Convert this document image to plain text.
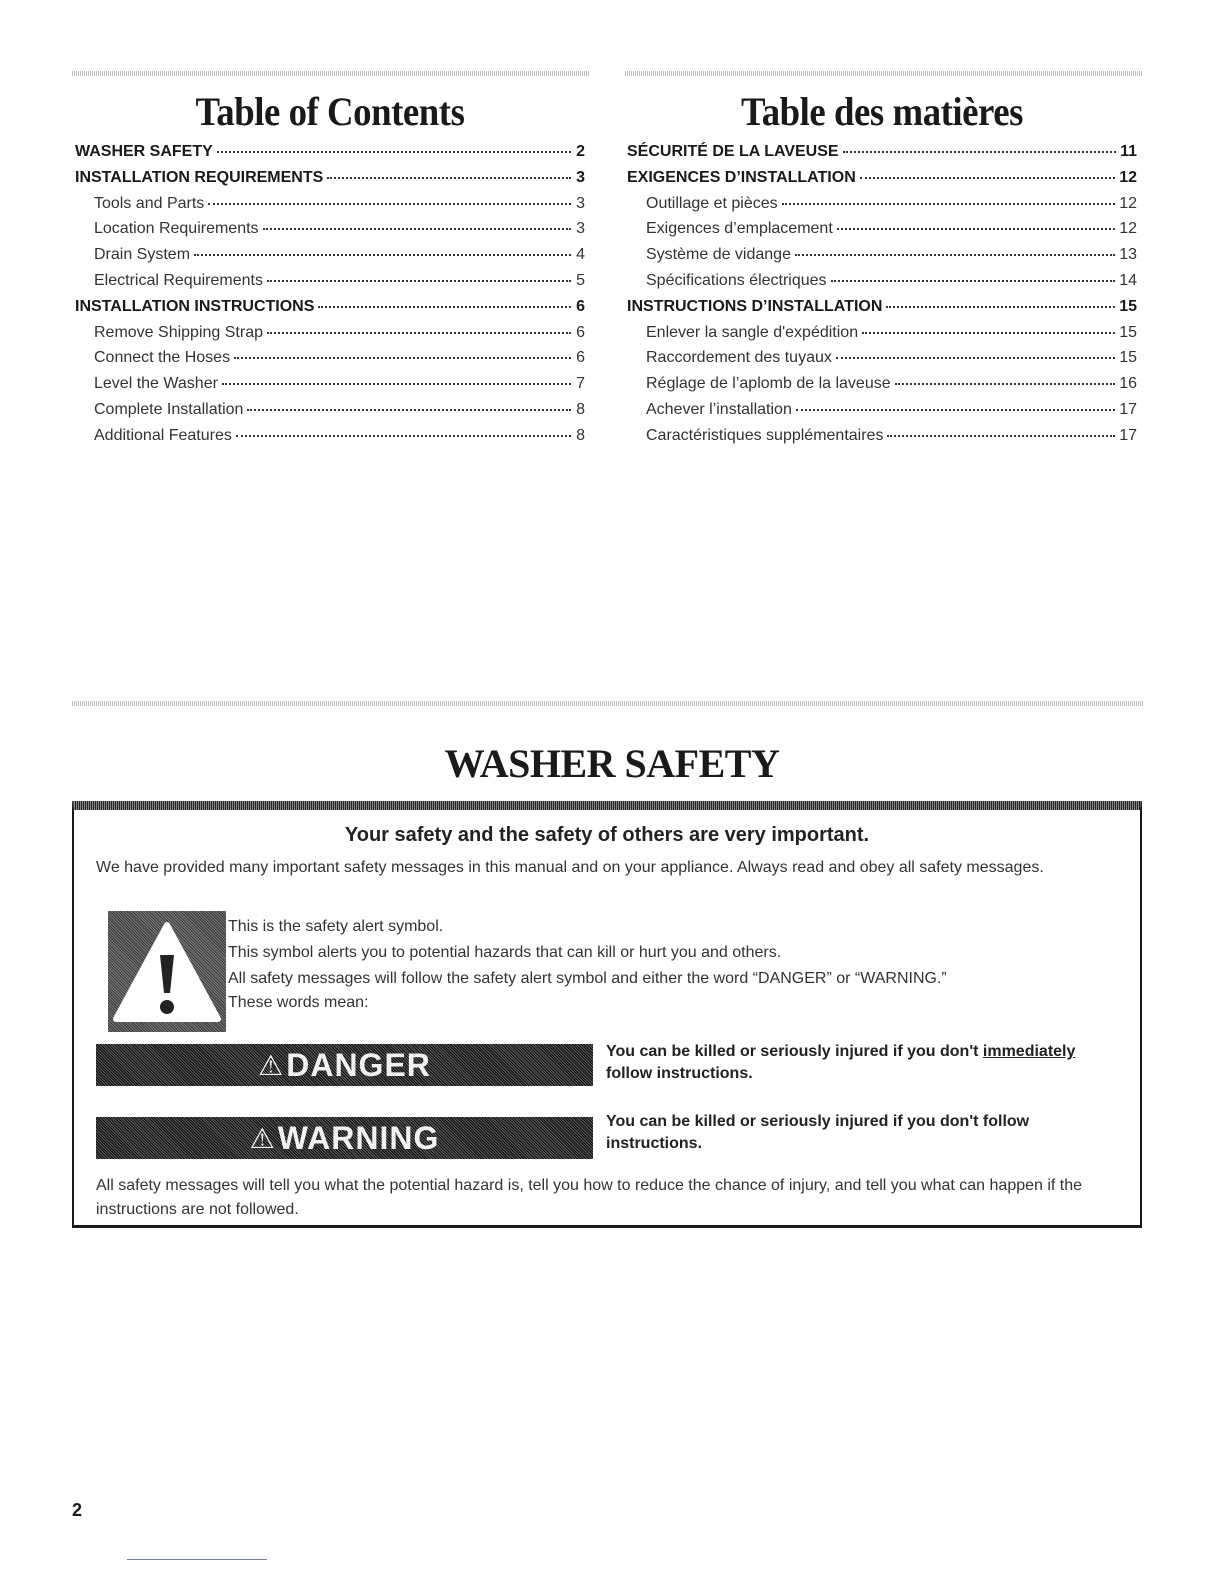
Table of Contents
WASHER SAFETY	2
INSTALLATION REQUIREMENTS	3
Tools and Parts	3
Location Requirements	3
Drain System	4
Electrical Requirements	5
INSTALLATION INSTRUCTIONS	6
Remove Shipping Strap	6
Connect the Hoses	6
Level the Washer	7
Complete Installation	8
Additional Features	8
Table des matières
SÉCURITÉ DE LA LAVEUSE	11
EXIGENCES D’INSTALLATION	12
Outillage et pièces	12
Exigences d’emplacement	12
Système de vidange	13
Spécifications électriques	14
INSTRUCTIONS D’INSTALLATION	15
Enlever la sangle d'expédition	15
Raccordement des tuyaux	15
Réglage de l’aplomb de la laveuse	16
Achever l’installation	17
Caractéristiques supplémentaires	17
WASHER SAFETY
Your safety and the safety of others are very important.

We have provided many important safety messages in this manual and on your appliance. Always read and obey all safety messages.

This is the safety alert symbol.

This symbol alerts you to potential hazards that can kill or hurt you and others.

All safety messages will follow the safety alert symbol and either the word “DANGER” or “WARNING.”

These words mean:

⚠ DANGER	You can be killed or seriously injured if you don't immediately follow instructions.
⚠ WARNING	You can be killed or seriously injured if you don't follow instructions.

All safety messages will tell you what the potential hazard is, tell you how to reduce the chance of injury, and tell you what can happen if the instructions are not followed.

2
